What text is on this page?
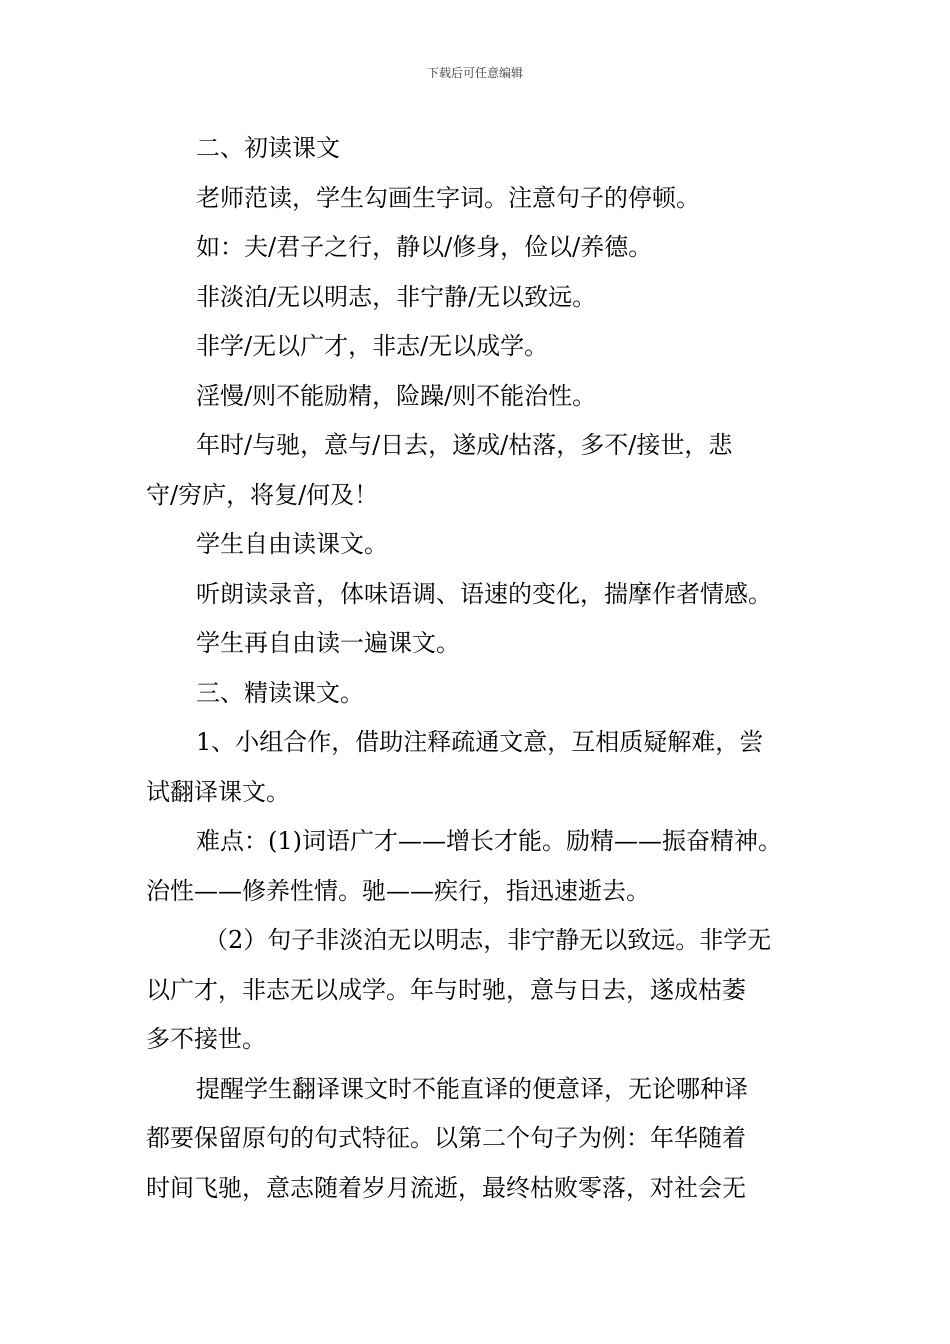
下载后可任意编辑
二、初读课文
老师范读，学生勾画生字词。注意句子的停顿。
如：夫/君子之行，静以/修身，俭以/养德。
非淡泊/无以明志，非宁静/无以致远。
非学/无以广才，非志/无以成学。
淫慢/则不能励精，险躁/则不能治性。
年时/与驰，意与/日去，遂成/枯落，多不/接世，悲
守/穷庐，将复/何及！
学生自由读课文。
听朗读录音，体味语调、语速的变化，揣摩作者情感。
学生再自由读一遍课文。
三、精读课文。
1、小组合作，借助注释疏通文意，互相质疑解难，尝
试翻译课文。
难点：(1)词语广才——增长才能。励精——振奋精神。
治性——修养性情。驰——疾行，指迅速逝去。
（2）句子非淡泊无以明志，非宁静无以致远。非学无
以广才，非志无以成学。年与时驰，意与日去，遂成枯萎
多不接世。
提醒学生翻译课文时不能直译的便意译，无论哪种译
都要保留原句的句式特征。以第二个句子为例：年华随着
时间飞驰，意志随着岁月流逝，最终枯败零落，对社会无
